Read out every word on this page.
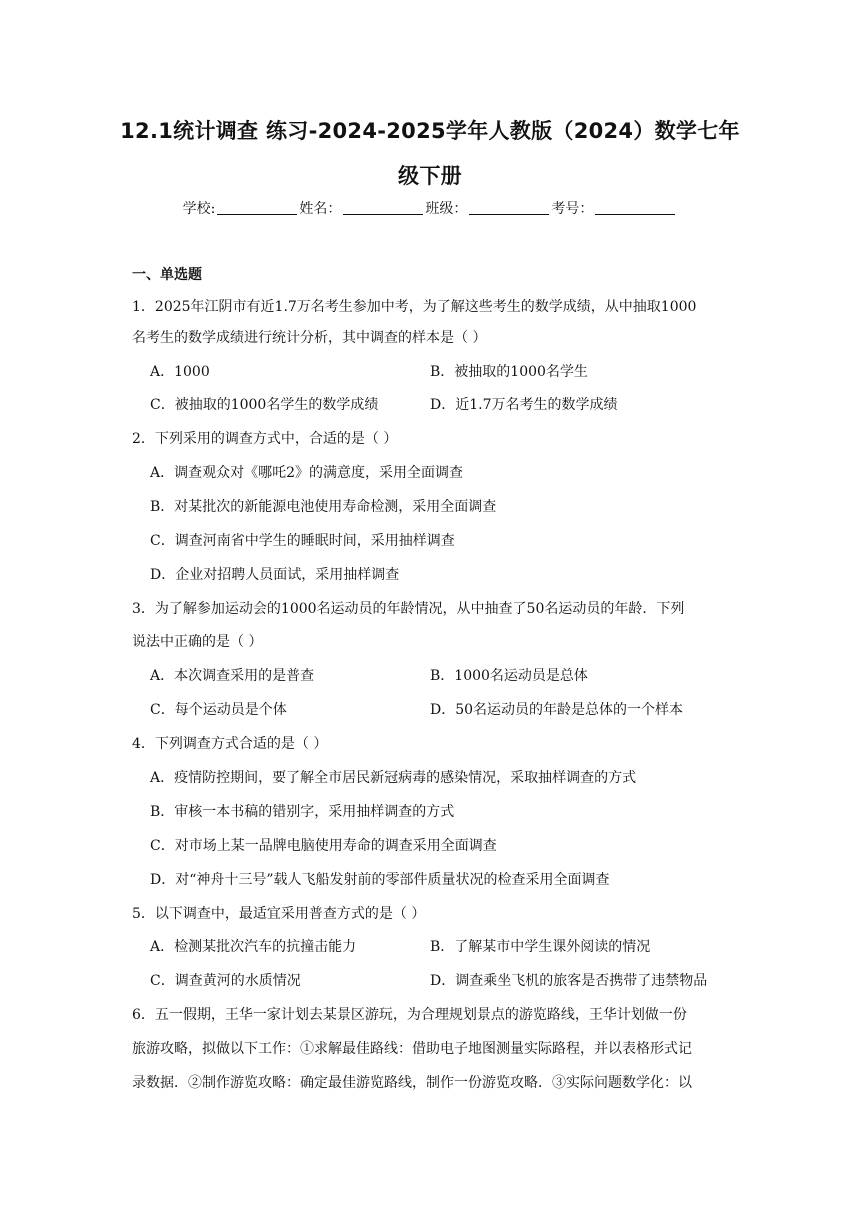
12.1统计调查 练习-2024-2025学年人教版（2024）数学七年
级下册
学校:	姓名：	班级：	考号：
一、单选题
1．2025年江阴市有近1.7万名考生参加中考，为了解这些考生的数学成绩，从中抽取1000
名考生的数学成绩进行统计分析，其中调查的样本是（ ）
A．1000	B．被抽取的1000名学生
C．被抽取的1000名学生的数学成绩	D．近1.7万名考生的数学成绩
2．下列采用的调查方式中，合适的是（ ）
A．调查观众对《哪吒2》的满意度，采用全面调查
B．对某批次的新能源电池使用寿命检测，采用全面调查
C．调查河南省中学生的睡眠时间，采用抽样调查
D．企业对招聘人员面试，采用抽样调查
3．为了解参加运动会的1000名运动员的年龄情况，从中抽查了50名运动员的年龄．下列
说法中正确的是（ ）
A．本次调查采用的是普查	B．1000名运动员是总体
C．每个运动员是个体	D．50名运动员的年龄是总体的一个样本
4．下列调查方式合适的是（ ）
A．疫情防控期间，要了解全市居民新冠病毒的感染情况，采取抽样调查的方式
B．审核一本书稿的错别字，采用抽样调查的方式
C．对市场上某一品牌电脑使用寿命的调查采用全面调查
D．对“神舟十三号”载人飞船发射前的零部件质量状况的检查采用全面调查
5．以下调查中，最适宜采用普查方式的是（ ）
A．检测某批次汽车的抗撞击能力	B．了解某市中学生课外阅读的情况
C．调查黄河的水质情况	D．调查乘坐飞机的旅客是否携带了违禁物品
6．五一假期，王华一家计划去某景区游玩，为合理规划景点的游览路线，王华计划做一份
旅游攻略，拟做以下工作：①求解最佳路线：借助电子地图测量实际路程，并以表格形式记
录数据．②制作游览攻略：确定最佳游览路线，制作一份游览攻略．③实际问题数学化：以
